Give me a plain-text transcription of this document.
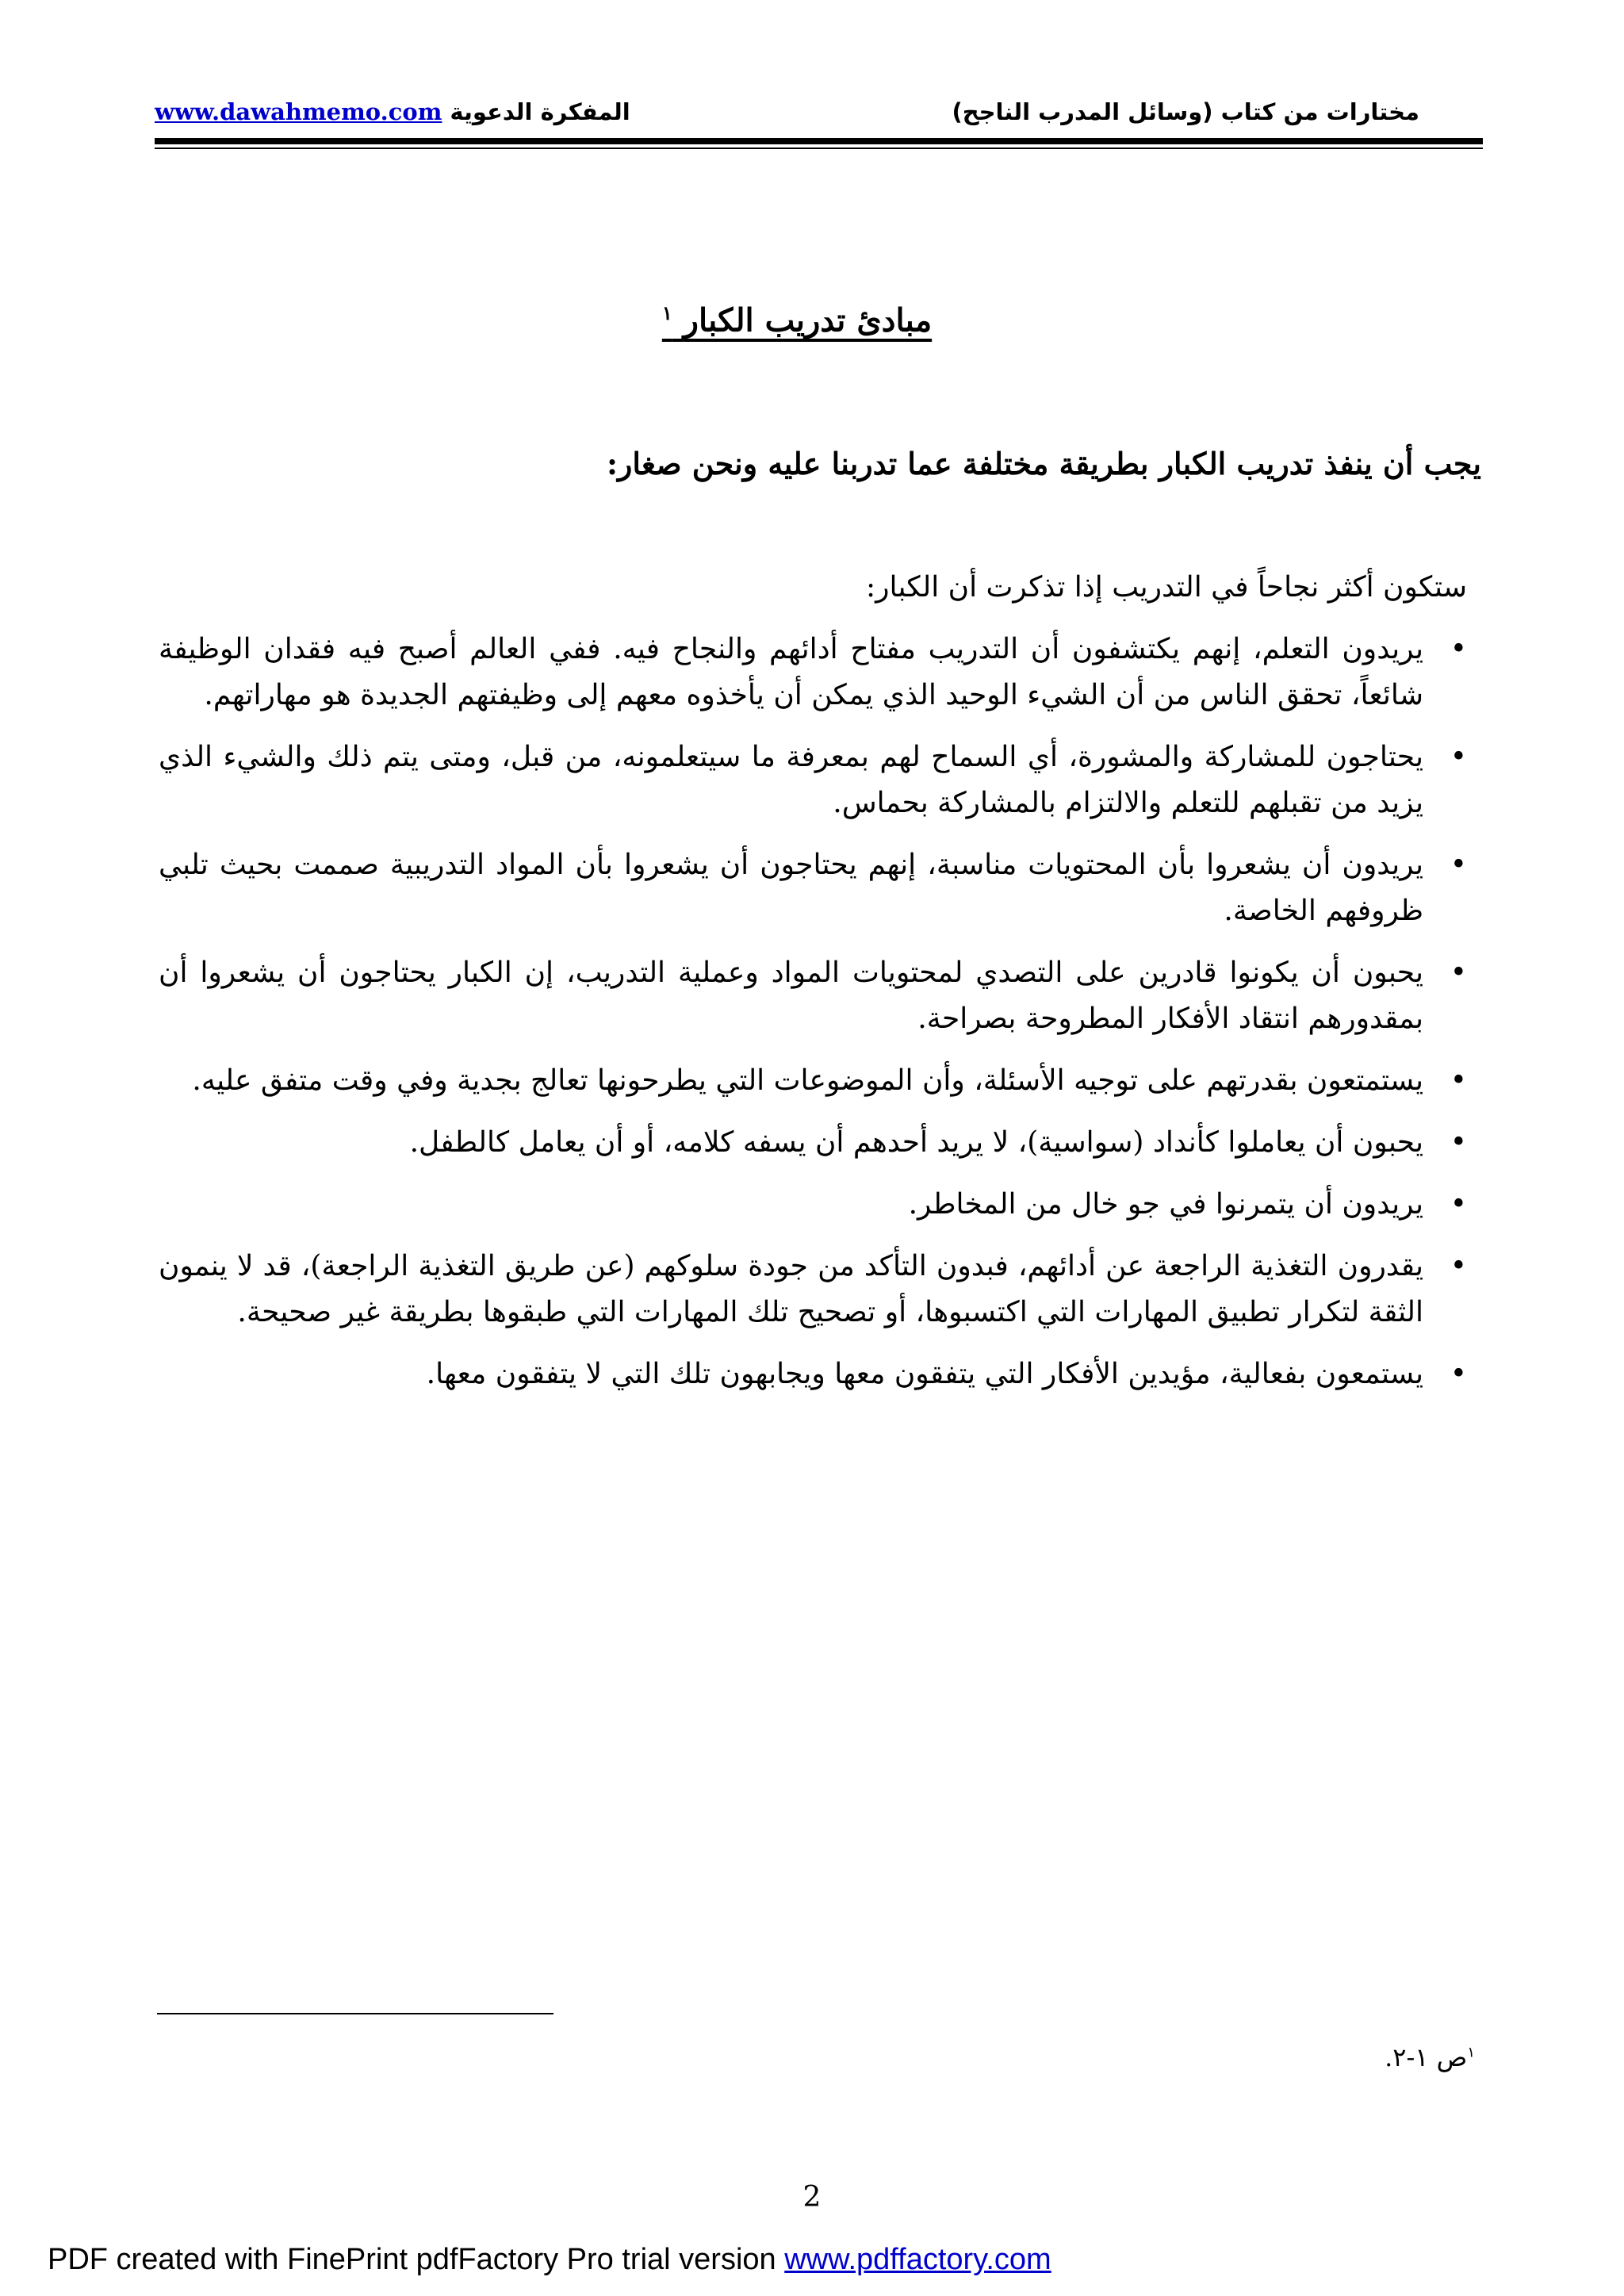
مختارات من كتاب (وسائل المدرب الناجح)
www.dawahmemo.com المفكرة الدعوية
مبادئ تدريب الكبار $^١$
يجب أن ينفذ تدريب الكبار بطريقة مختلفة عما تدربنا عليه ونحن صغار:
ستكون أكثر نجاحاً في التدريب إذا تذكرت أن الكبار:
• يريدون التعلم، إنهم يكتشفون أن التدريب مفتاح أدائهم والنجاح فيه. ففي العالم أصبح فيه فقدان الوظيفة شائعاً، تحقق الناس من أن الشيء الوحيد الذي يمكن أن يأخذوه معهم إلى وظيفتهم الجديدة هو مهاراتهم.
• يحتاجون للمشاركة والمشورة، أي السماح لهم بمعرفة ما سيتعلمونه، من قبل، ومتى يتم ذلك والشيء الذي يزيد من تقبلهم للتعلم والالتزام بالمشاركة بحماس.
• يريدون أن يشعروا بأن المحتويات مناسبة، إنهم يحتاجون أن يشعروا بأن المواد التدريبية صممت بحيث تلبي ظروفهم الخاصة.
• يحبون أن يكونوا قادرين على التصدي لمحتويات المواد وعملية التدريب، إن الكبار يحتاجون أن يشعروا أن بمقدورهم انتقاد الأفكار المطروحة بصراحة.
• يستمتعون بقدرتهم على توجيه الأسئلة، وأن الموضوعات التي يطرحونها تعالج بجدية وفي وقت متفق عليه.
• يحبون أن يعاملوا كأنداد (سواسية)، لا يريد أحدهم أن يسفه كلامه، أو أن يعامل كالطفل.
• يريدون أن يتمرنوا في جو خال من المخاطر.
• يقدرون التغذية الراجعة عن أدائهم، فبدون التأكد من جودة سلوكهم (عن طريق التغذية الراجعة)، قد لا ينمون الثقة لتكرار تطبيق المهارات التي اكتسبوها، أو تصحيح تلك المهارات التي طبقوها بطريقة غير صحيحة.
• يستمعون بفعالية، مؤيدين الأفكار التي يتفقون معها ويجابهون تلك التي لا يتفقون معها.
$^١$ص ١-٢.
2
PDF created with FinePrint pdfFactory Pro trial version www.pdffactory.com
